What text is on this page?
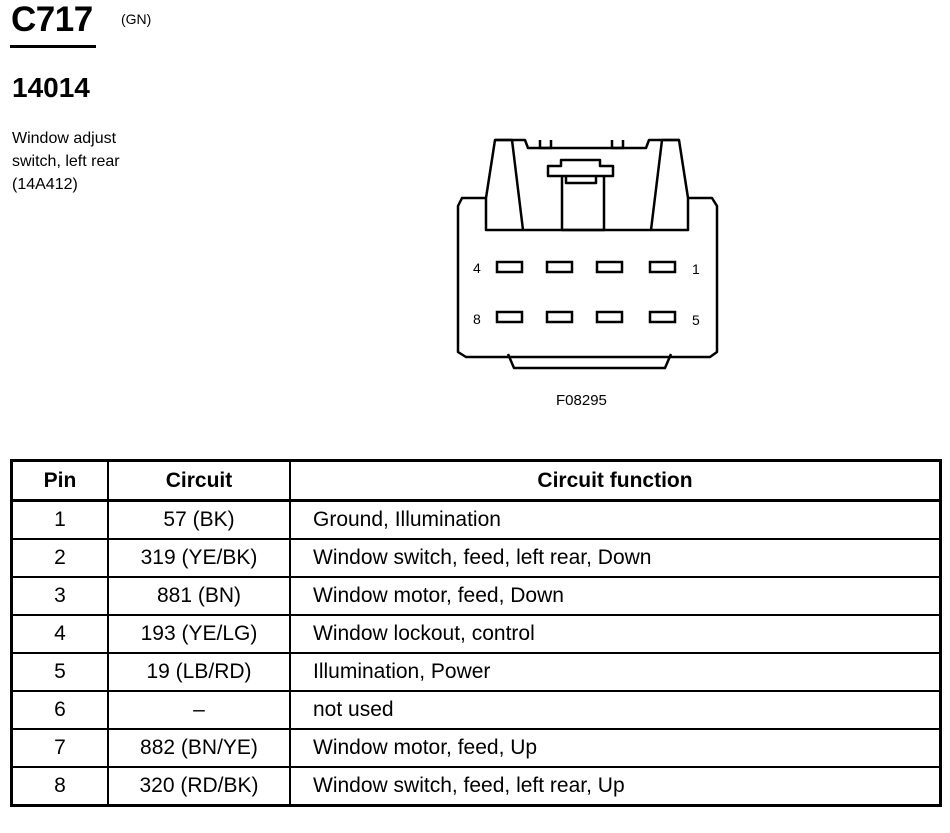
C717 (GN)
14014
Window adjust
switch, left rear
(14A412)
4	1
8	5
F08295
Pin	Circuit	Circuit function
1	57 (BK)	Ground, Illumination
2	319 (YE/BK)	Window switch, feed, left rear, Down
3	881 (BN)	Window motor, feed, Down
4	193 (YE/LG)	Window lockout, control
5	19 (LB/RD)	Illumination, Power
6	–	not used
7	882 (BN/YE)	Window motor, feed, Up
8	320 (RD/BK)	Window switch, feed, left rear, Up
